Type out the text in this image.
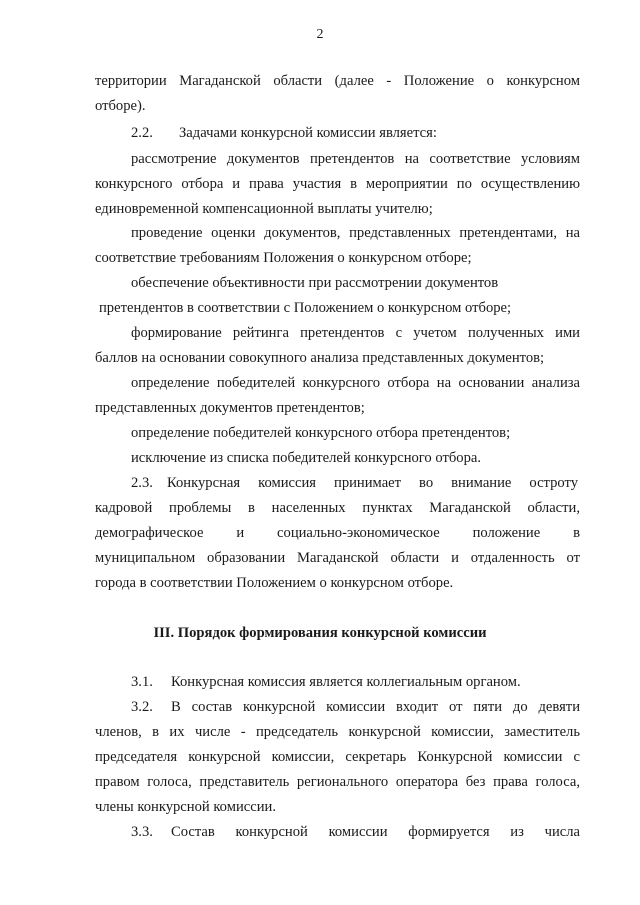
2
территории Магаданской области (далее - Положение о конкурсном
отборе).
2.2. Задачами конкурсной комиссии является:
рассмотрение документов претендентов на соответствие условиям
конкурсного отбора и права участия в мероприятии по осуществлению
единовременной компенсационной выплаты учителю;
проведение оценки документов, представленных претендентами, на
соответствие требованиям Положения о конкурсном отборе;
обеспечение объективности при рассмотрении документов
претендентов в соответствии с Положением о конкурсном отборе;
формирование рейтинга претендентов с учетом полученных ими
баллов на основании совокупного анализа представленных документов;
определение победителей конкурсного отбора на основании анализа
представленных документов претендентов;
определение победителей конкурсного отбора претендентов;
исключение из списка победителей конкурсного отбора.
2.3. Конкурсная комиссия принимает во внимание остроту
кадровой проблемы в населенных пунктах Магаданской области,
демографическое и социально-экономическое положение в
муниципальном образовании Магаданской области и отдаленность от
города в соответствии Положением о конкурсном отборе.
III. Порядок формирования конкурсной комиссии
3.1. Конкурсная комиссия является коллегиальным органом.
3.2. В состав конкурсной комиссии входит от пяти до девяти
членов, в их числе - председатель конкурсной комиссии, заместитель
председателя конкурсной комиссии, секретарь Конкурсной комиссии с
правом голоса, представитель регионального оператора без права голоса,
члены конкурсной комиссии.
3.3. Состав конкурсной комиссии формируется из числа
